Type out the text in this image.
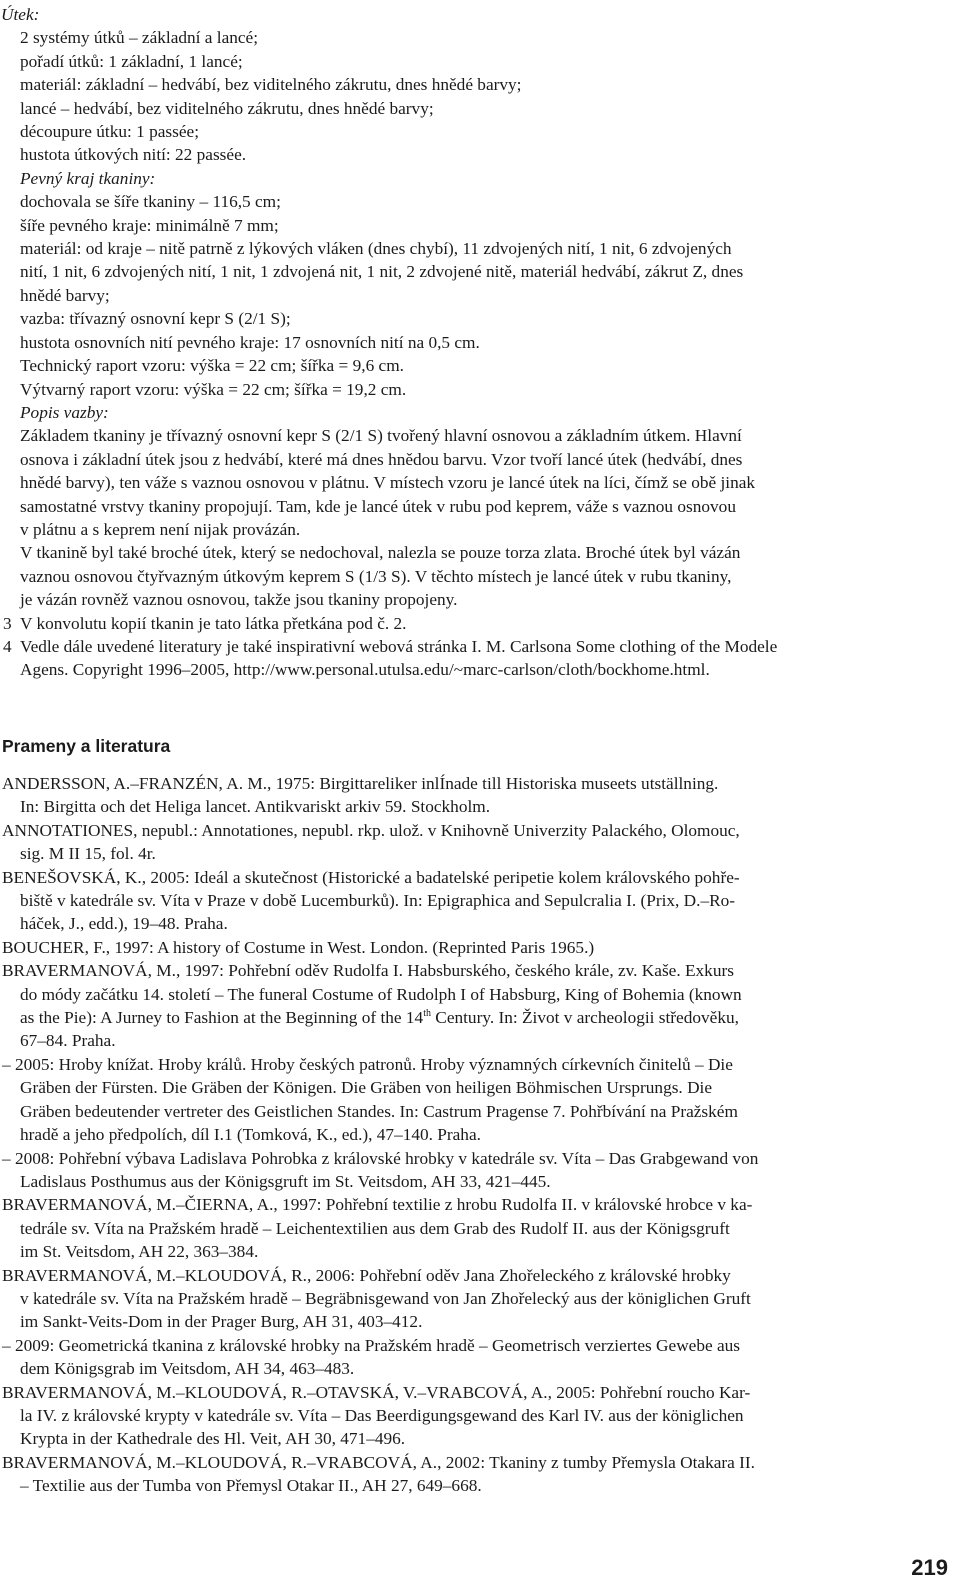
Útek:
2 systémy útků – základní a lancé;
pořadí útků: 1 základní, 1 lancé;
materiál: základní – hedvábí, bez viditelného zákrutu, dnes hnědé barvy;
lancé – hedvábí, bez viditelného zákrutu, dnes hnědé barvy;
découpure útku: 1 passée;
hustota útkových nití: 22 passée.
Pevný kraj tkaniny:
dochovala se šíře tkaniny – 116,5 cm;
šíře pevného kraje: minimálně 7 mm;
materiál: od kraje – nitě patrně z lýkových vláken (dnes chybí), 11 zdvojených nití, 1 nit, 6 zdvojených
nití, 1 nit, 6 zdvojených nití, 1 nit, 1 zdvojená nit, 1 nit, 2 zdvojené nitě, materiál hedvábí, zákrut Z, dnes
hnědé barvy;
vazba: třívazný osnovní kepr S (2/1 S);
hustota osnovních nití pevného kraje: 17 osnovních nití na 0,5 cm.
Technický raport vzoru: výška = 22 cm; šířka = 9,6 cm.
Výtvarný raport vzoru: výška = 22 cm; šířka = 19,2 cm.
Popis vazby:
Základem tkaniny je třívazný osnovní kepr S (2/1 S) tvořený hlavní osnovou a základním útkem. Hlavní
osnova i základní útek jsou z hedvábí, které má dnes hnědou barvu. Vzor tvoří lancé útek (hedvábí, dnes
hnědé barvy), ten váže s vaznou osnovou v plátnu. V místech vzoru je lancé útek na líci, čímž se obě jinak
samostatné vrstvy tkaniny propojují. Tam, kde je lancé útek v rubu pod keprem, váže s vaznou osnovou
v plátnu a s keprem není nijak provázán.
V tkanině byl také broché útek, který se nedochoval, nalezla se pouze torza zlata. Broché útek byl vázán
vaznou osnovou čtyřvazným útkovým keprem S (1/3 S). V těchto místech je lancé útek v rubu tkaniny,
je vázán rovněž vaznou osnovou, takže jsou tkaniny propojeny.
3 V konvolutu kopií tkanin je tato látka přetkána pod č. 2.
4 Vedle dále uvedené literatury je také inspirativní webová stránka I. M. Carlsona Some clothing of the Modele
Agens. Copyright 1996–2005, http://www.personal.utulsa.edu/~marc-carlson/cloth/bockhome.html.
Prameny a literatura
ANDERSSON, A.–FRANZÉN, A. M., 1975: Birgittareliker inlÍnade till Historiska museets utställning.
In: Birgitta och det Heliga lancet. Antikvariskt arkiv 59. Stockholm.
ANNOTATIONES, nepubl.: Annotationes, nepubl. rkp. ulož. v Knihovně Univerzity Palackého, Olomouc,
sig. M II 15, fol. 4r.
BENEŠOVSKÁ, K., 2005: Ideál a skutečnost (Historické a badatelské peripetie kolem královského pohře-
biště v katedrále sv. Víta v Praze v době Lucemburků). In: Epigraphica and Sepulcralia I. (Prix, D.–Ro-
háček, J., edd.), 19–48. Praha.
BOUCHER, F., 1997: A history of Costume in West. London. (Reprinted Paris 1965.)
BRAVERMANOVÁ, M., 1997: Pohřební oděv Rudolfa I. Habsburského, českého krále, zv. Kaše. Exkurs
do módy začátku 14. století – The funeral Costume of Rudolph I of Habsburg, King of Bohemia (known
as the Pie): A Jurney to Fashion at the Beginning of the 14th Century. In: Život v archeologii středověku,
67–84. Praha.
– 2005: Hroby knížat. Hroby králů. Hroby českých patronů. Hroby významných církevních činitelů – Die
Gräben der Fürsten. Die Gräben der Königen. Die Gräben von heiligen Böhmischen Ursprungs. Die
Gräben bedeutender vertreter des Geistlichen Standes. In: Castrum Pragense 7. Pohřbívání na Pražském
hradě a jeho předpolích, díl I.1 (Tomková, K., ed.), 47–140. Praha.
– 2008: Pohřební výbava Ladislava Pohrobka z královské hrobky v katedrále sv. Víta – Das Grabgewand von
Ladislaus Posthumus aus der Königsgruft im St. Veitsdom, AH 33, 421–445.
BRAVERMANOVÁ, M.–ČIERNA, A., 1997: Pohřební textilie z hrobu Rudolfa II. v královské hrobce v ka-
tedrále sv. Víta na Pražském hradě – Leichentextilien aus dem Grab des Rudolf II. aus der Königsgruft
im St. Veitsdom, AH 22, 363–384.
BRAVERMANOVÁ, M.–KLOUDOVÁ, R., 2006: Pohřební oděv Jana Zhořeleckého z královské hrobky
v katedrále sv. Víta na Pražském hradě – Begräbnisgewand von Jan Zhořelecký aus der königlichen Gruft
im Sankt-Veits-Dom in der Prager Burg, AH 31, 403–412.
– 2009: Geometrická tkanina z královské hrobky na Pražském hradě – Geometrisch verziertes Gewebe aus
dem Königsgrab im Veitsdom, AH 34, 463–483.
BRAVERMANOVÁ, M.–KLOUDOVÁ, R.–OTAVSKÁ, V.–VRABCOVÁ, A., 2005: Pohřební roucho Kar-
la IV. z královské krypty v katedrále sv. Víta – Das Beerdigungsgewand des Karl IV. aus der königlichen
Krypta in der Kathedrale des Hl. Veit, AH 30, 471–496.
BRAVERMANOVÁ, M.–KLOUDOVÁ, R.–VRABCOVÁ, A., 2002: Tkaniny z tumby Přemysla Otakara II.
– Textilie aus der Tumba von Přemysl Otakar II., AH 27, 649–668.
219
